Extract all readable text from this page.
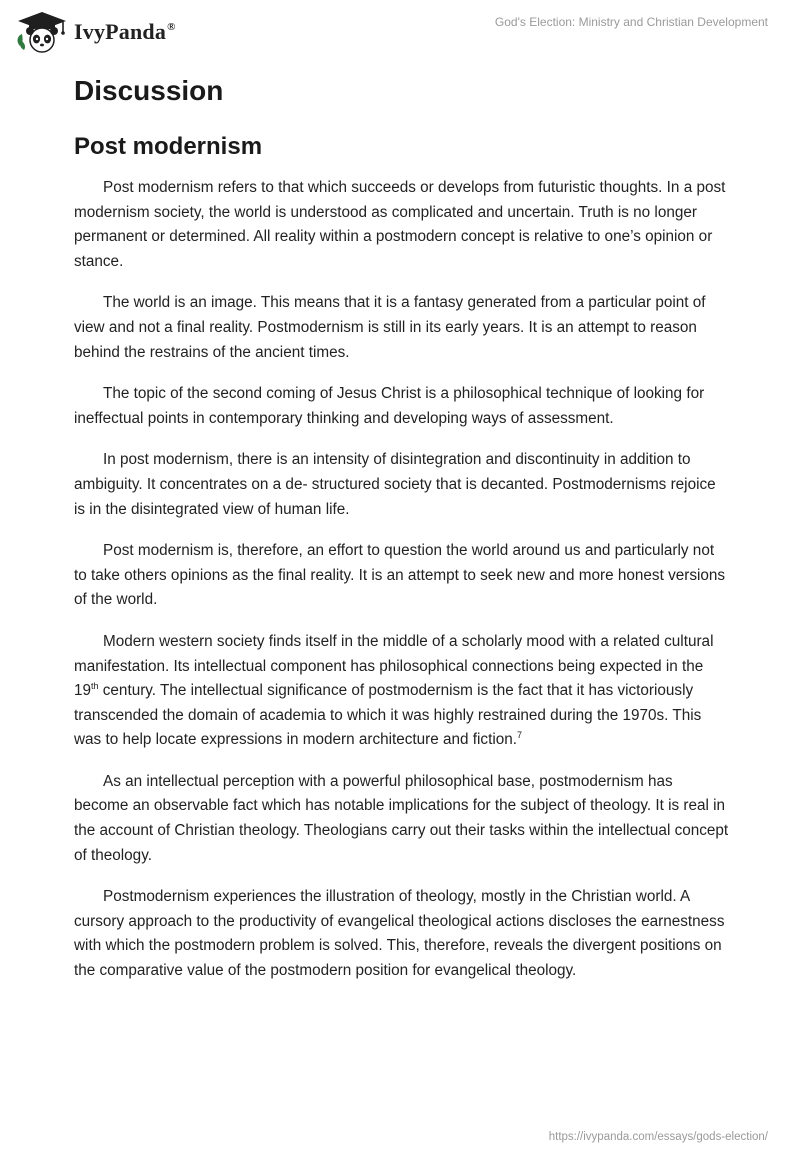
IvyPanda®	God's Election: Ministry and Christian Development
Discussion
Post modernism

Post modernism refers to that which succeeds or develops from futuristic thoughts. In a post modernism society, the world is understood as complicated and uncertain. Truth is no longer permanent or determined. All reality within a postmodern concept is relative to one’s opinion or stance.

The world is an image. This means that it is a fantasy generated from a particular point of view and not a final reality. Postmodernism is still in its early years. It is an attempt to reason behind the restrains of the ancient times.

The topic of the second coming of Jesus Christ is a philosophical technique of looking for ineffectual points in contemporary thinking and developing ways of assessment.

In post modernism, there is an intensity of disintegration and discontinuity in addition to ambiguity. It concentrates on a de- structured society that is decanted. Postmodernisms rejoice is in the disintegrated view of human life.

Post modernism is, therefore, an effort to question the world around us and particularly not to take others opinions as the final reality. It is an attempt to seek new and more honest versions of the world.

Modern western society finds itself in the middle of a scholarly mood with a related cultural manifestation. Its intellectual component has philosophical connections being expected in the 19th century. The intellectual significance of postmodernism is the fact that it has victoriously transcended the domain of academia to which it was highly restrained during the 1970s. This was to help locate expressions in modern architecture and fiction.$^7$

As an intellectual perception with a powerful philosophical base, postmodernism has become an observable fact which has notable implications for the subject of theology. It is real in the account of Christian theology. Theologians carry out their tasks within the intellectual concept of theology.

Postmodernism experiences the illustration of theology, mostly in the Christian world. A cursory approach to the productivity of evangelical theological actions discloses the earnestness with which the postmodern problem is solved. This, therefore, reveals the divergent positions on the comparative value of the postmodern position for evangelical theology.

https://ivypanda.com/essays/gods-election/
